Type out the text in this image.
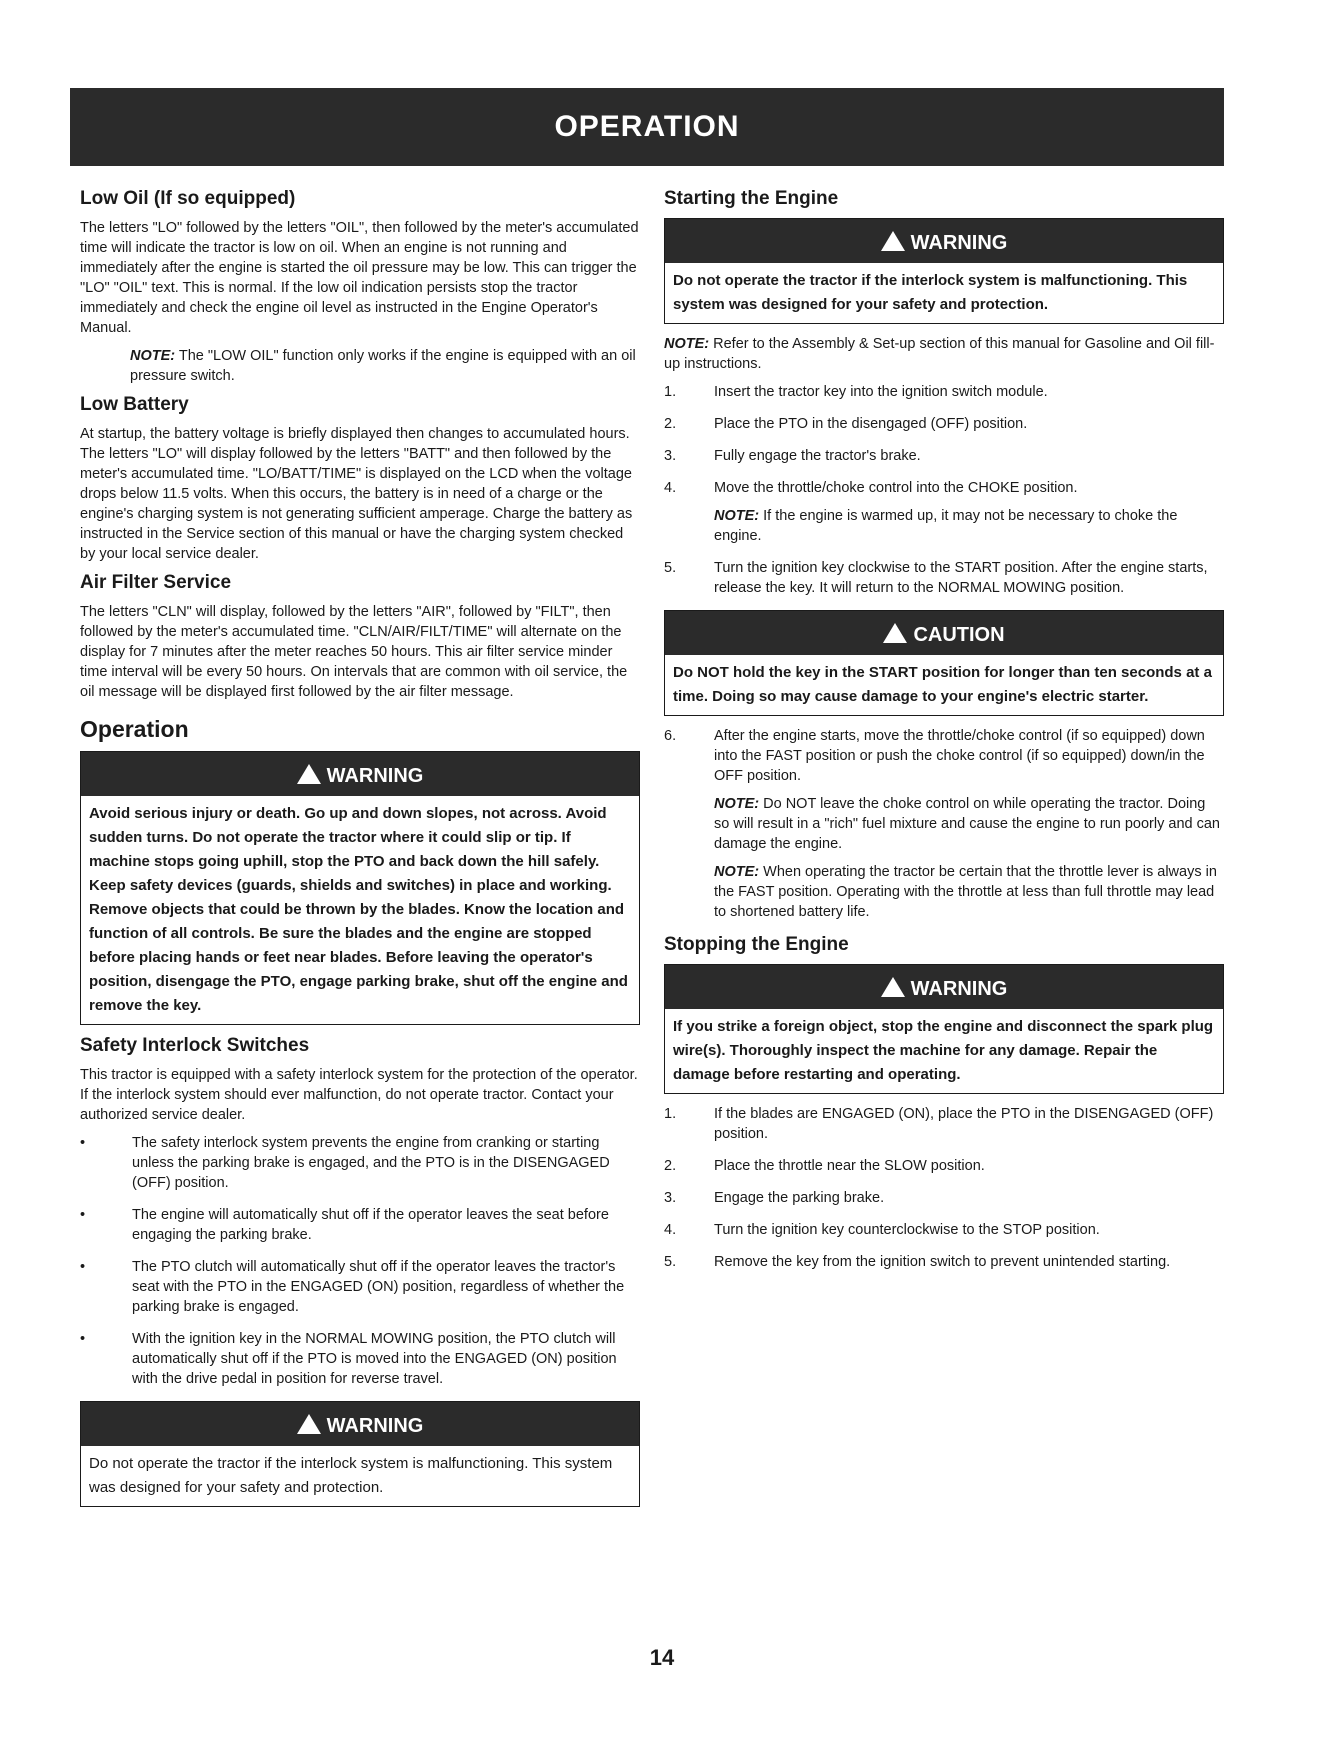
OPERATION
Low Oil (If so equipped)

The letters "LO" followed by the letters "OIL", then followed by the meter's accumulated time will indicate the tractor is low on oil. When an engine is not running and immediately after the engine is started the oil pressure may be low. This can trigger the "LO" "OIL" text. This is normal. If the low oil indication persists stop the tractor immediately and check the engine oil level as instructed in the Engine Operator's Manual.

NOTE: The "LOW OIL" function only works if the engine is equipped with an oil pressure switch.

Low Battery

At startup, the battery voltage is briefly displayed then changes to accumulated hours. The letters "LO" will display followed by the letters "BATT" and then followed by the meter's accumulated time. "LO/BATT/TIME" is displayed on the LCD when the voltage drops below 11.5 volts. When this occurs, the battery is in need of a charge or the engine's charging system is not generating sufficient amperage. Charge the battery as instructed in the Service section of this manual or have the charging system checked by your local service dealer.

Air Filter Service

The letters "CLN" will display, followed by the letters "AIR", followed by "FILT", then followed by the meter's accumulated time. "CLN/AIR/FILT/TIME" will alternate on the display for 7 minutes after the meter reaches 50 hours. This air filter service minder time interval will be every 50 hours. On intervals that are common with oil service, the oil message will be displayed first followed by the air filter message.

Operation
WARNING
Avoid serious injury or death. Go up and down slopes, not across. Avoid sudden turns. Do not operate the tractor where it could slip or tip. If machine stops going uphill, stop the PTO and back down the hill safely. Keep safety devices (guards, shields and switches) in place and working. Remove objects that could be thrown by the blades. Know the location and function of all controls. Be sure the blades and the engine are stopped before placing hands or feet near blades. Before leaving the operator's position, disengage the PTO, engage parking brake, shut off the engine and remove the key.
Safety Interlock Switches

This tractor is equipped with a safety interlock system for the protection of the operator. If the interlock system should ever malfunction, do not operate tractor. Contact your authorized service dealer.

• The safety interlock system prevents the engine from cranking or starting unless the parking brake is engaged, and the PTO is in the DISENGAGED (OFF) position.
• The engine will automatically shut off if the operator leaves the seat before engaging the parking brake.
• The PTO clutch will automatically shut off if the operator leaves the tractor's seat with the PTO in the ENGAGED (ON) position, regardless of whether the parking brake is engaged.
• With the ignition key in the NORMAL MOWING position, the PTO clutch will automatically shut off if the PTO is moved into the ENGAGED (ON) position with the drive pedal in position for reverse travel.
WARNING
Do not operate the tractor if the interlock system is malfunctioning. This system was designed for your safety and protection.
Starting the Engine
WARNING
Do not operate the tractor if the interlock system is malfunctioning. This system was designed for your safety and protection.

NOTE: Refer to the Assembly & Set-up section of this manual for Gasoline and Oil fill-up instructions.

1.	Insert the tractor key into the ignition switch module.
2.	Place the PTO in the disengaged (OFF) position.
3.	Fully engage the tractor's brake.
4.	Move the throttle/choke control into the CHOKE position.
NOTE: If the engine is warmed up, it may not be necessary to choke the engine.
5.	Turn the ignition key clockwise to the START position. After the engine starts, release the key. It will return to the NORMAL MOWING position.
CAUTION
Do NOT hold the key in the START position for longer than ten seconds at a time. Doing so may cause damage to your engine's electric starter.
6.	After the engine starts, move the throttle/choke control (if so equipped) down into the FAST position or push the choke control (if so equipped) down/in the OFF position.
NOTE: Do NOT leave the choke control on while operating the tractor. Doing so will result in a "rich" fuel mixture and cause the engine to run poorly and can damage the engine.
NOTE: When operating the tractor be certain that the throttle lever is always in the FAST position. Operating with the throttle at less than full throttle may lead to shortened battery life.
Stopping the Engine
WARNING
If you strike a foreign object, stop the engine and disconnect the spark plug wire(s). Thoroughly inspect the machine for any damage. Repair the damage before restarting and operating.
1.	If the blades are ENGAGED (ON), place the PTO in the DISENGAGED (OFF) position.
2.	Place the throttle near the SLOW position.
3.	Engage the parking brake.
4.	Turn the ignition key counterclockwise to the STOP position.
5.	Remove the key from the ignition switch to prevent unintended starting.
14
